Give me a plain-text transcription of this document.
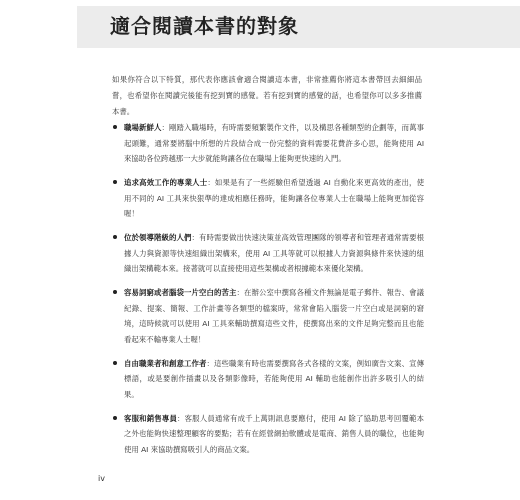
適合閱讀本書的對象

如果你符合以下特質，那代表你應該會適合閱讀這本書，非常推薦你將這本書帶回去細細品嘗，也希望你在閱讀完後能有挖到寶的感覺。若有挖到寶的感覺的話，也希望你可以多多推薦本書。

職場新鮮人：剛踏入職場時，有時需要頻繁製作文件，以及構思各種類型的企劃等，而萬事起頭難，通常要將腦中所想的片段結合成一份完整的資料需要花費許多心思，能夠使用 AI 來協助各位跨越那一大步就能夠讓各位在職場上能夠更快速的入門。
追求高效工作的專業人士：如果是有了一些經驗但希望透過 AI 自動化來更高效的產出，使用不同的 AI 工具來快狠準的達成相應任務時，能夠讓各位專業人士在職場上能夠更加從容喔！
位於領導階級的人們：有時需要做出快速決策並高效管理團隊的領導者和管理者通常需要根據人力與資源等快速組織出架構來，使用 AI 工具等就可以根據人力資源與條件來快速的組織出架構範本來。接著就可以直接使用這些架構或者根據範本來優化架構。
容易詞窮或者腦袋一片空白的苦主：在辦公室中撰寫各種文件無論是電子郵件、報告、會議紀錄、提案、簡報、工作計畫等各類型的檔案時，常常會陷入腦袋一片空白或是詞窮的窘境，這時候就可以使用 AI 工具來輔助撰寫這些文件，使撰寫出來的文件足夠完整而且也能看起來不輸專業人士喔！
自由職業者和創意工作者：這些職業有時也需要撰寫各式各樣的文案，例如廣告文案、宣傳標語，或是要創作插畫以及各類影像時，若能夠使用 AI 輔助也能創作出許多吸引人的結果。
客服和銷售專員：客服人員通常有成千上萬則訊息要應付，使用 AI 除了協助思考回覆範本之外也能夠快速整理顧客的要點；若有在經營網拍軟體或是電商、銷售人員的職位，也能夠使用 AI 來協助撰寫吸引人的商品文案。
iv
